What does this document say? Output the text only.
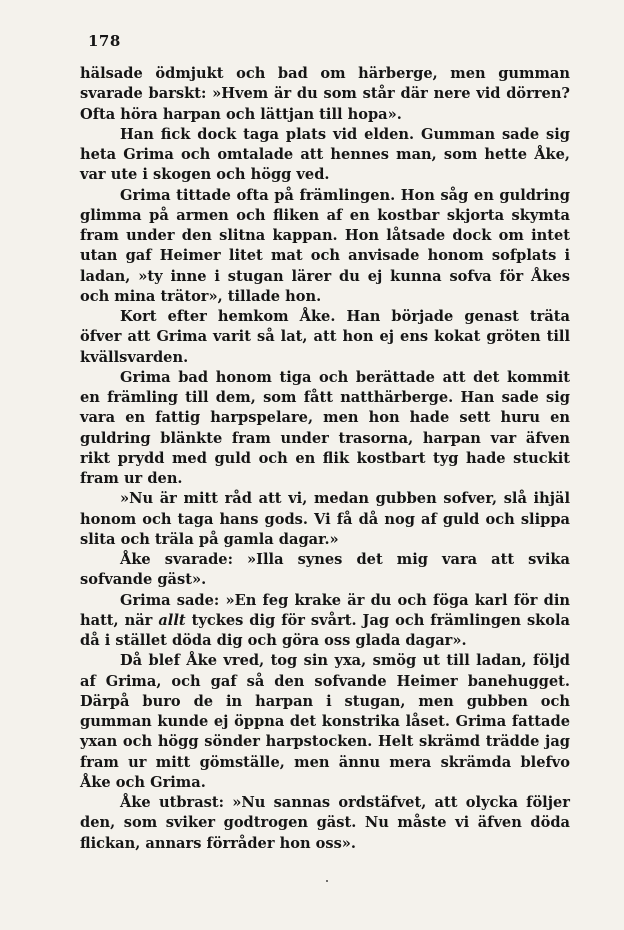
178

hälsade ödmjukt och bad om härberge, men gumman svarade barskt: »Hvem är du som står där nere vid dörren? Ofta höra harpan och lättjan till hopa».

Han fick dock taga plats vid elden. Gumman sade sig heta Grima och omtalade att hennes man, som hette Åke, var ute i skogen och högg ved.

Grima tittade ofta på främlingen. Hon såg en guldring glimma på armen och fliken af en kostbar skjorta skymta fram under den slitna kappan. Hon låtsade dock om intet utan gaf Heimer litet mat och anvisade honom sofplats i ladan, »ty inne i stugan lärer du ej kunna sofva för Åkes och mina trätor», tillade hon.

Kort efter hemkom Åke. Han började genast träta öfver att Grima varit så lat, att hon ej ens kokat gröten till kvällsvarden.

Grima bad honom tiga och berättade att det kommit en främling till dem, som fått natthärberge. Han sade sig vara en fattig harpspelare, men hon hade sett huru en guldring blänkte fram under trasorna, harpan var äfven rikt prydd med guld och en flik kostbart tyg hade stuckit fram ur den.

»Nu är mitt råd att vi, medan gubben sofver, slå ihjäl honom och taga hans gods. Vi få då nog af guld och slippa slita och träla på gamla dagar.»

Åke svarade: »Illa synes det mig vara att svika sofvande gäst».

Grima sade: »En feg krake är du och föga karl för din hatt, när allt tyckes dig för svårt. Jag och främlingen skola då i stället döda dig och göra oss glada dagar».

Då blef Åke vred, tog sin yxa, smög ut till ladan, följd af Grima, och gaf så den sofvande Heimer banehugget. Därpå buro de in harpan i stugan, men gubben och gumman kunde ej öppna det konstrika låset. Grima fattade yxan och högg sönder harpstocken. Helt skrämd trädde jag fram ur mitt gömställe, men ännu mera skrämda blefvo Åke och Grima.

Åke utbrast: »Nu sannas ordstäfvet, att olycka följer den, som sviker godtrogen gäst. Nu måste vi äfven döda flickan, annars förråder hon oss».
